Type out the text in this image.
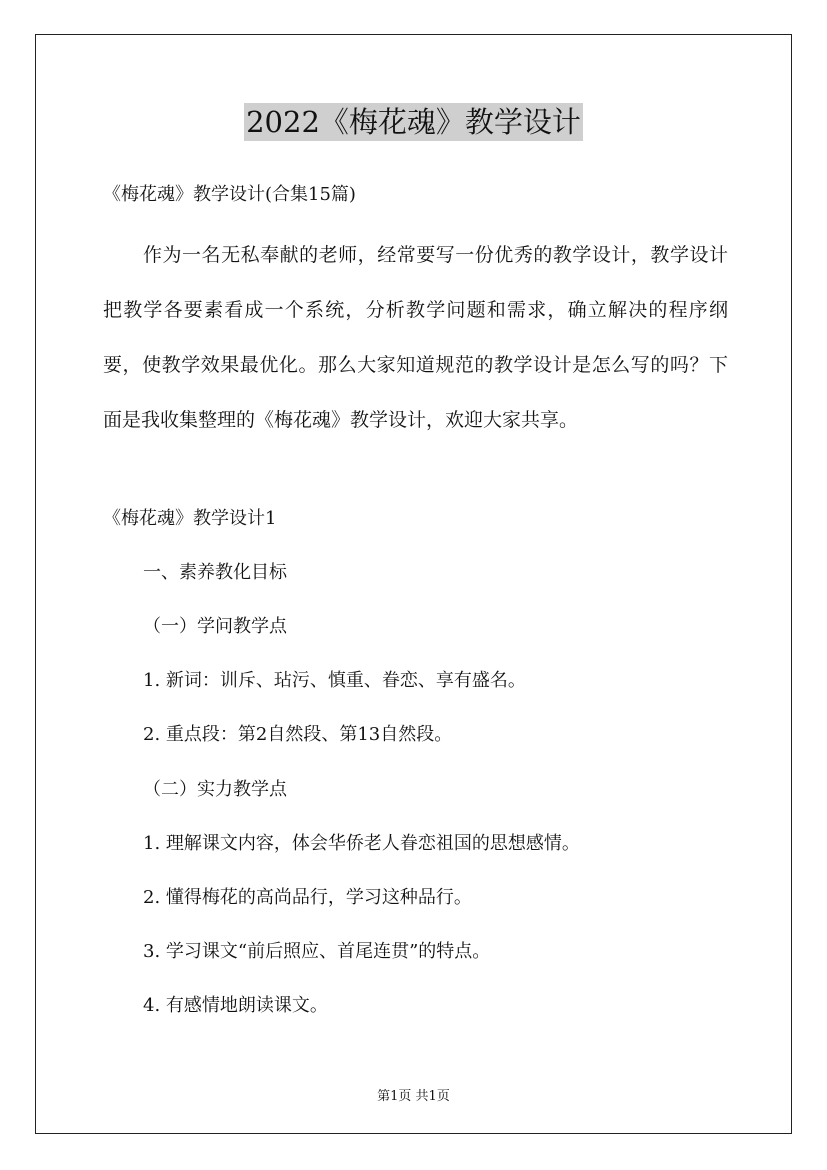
2022《梅花魂》教学设计
《梅花魂》教学设计(合集15篇)
作为一名无私奉献的老师，经常要写一份优秀的教学设计，教学设计把教学各要素看成一个系统，分析教学问题和需求，确立解决的程序纲要，使教学效果最优化。那么大家知道规范的教学设计是怎么写的吗？下面是我收集整理的《梅花魂》教学设计，欢迎大家共享。
《梅花魂》教学设计1
一、素养教化目标
（一）学问教学点
1. 新词：训斥、玷污、慎重、眷恋、享有盛名。
2. 重点段：第2自然段、第13自然段。
（二）实力教学点
1. 理解课文内容，体会华侨老人眷恋祖国的思想感情。
2. 懂得梅花的高尚品行，学习这种品行。
3. 学习课文“前后照应、首尾连贯”的特点。
4. 有感情地朗读课文。
第1页 共1页
